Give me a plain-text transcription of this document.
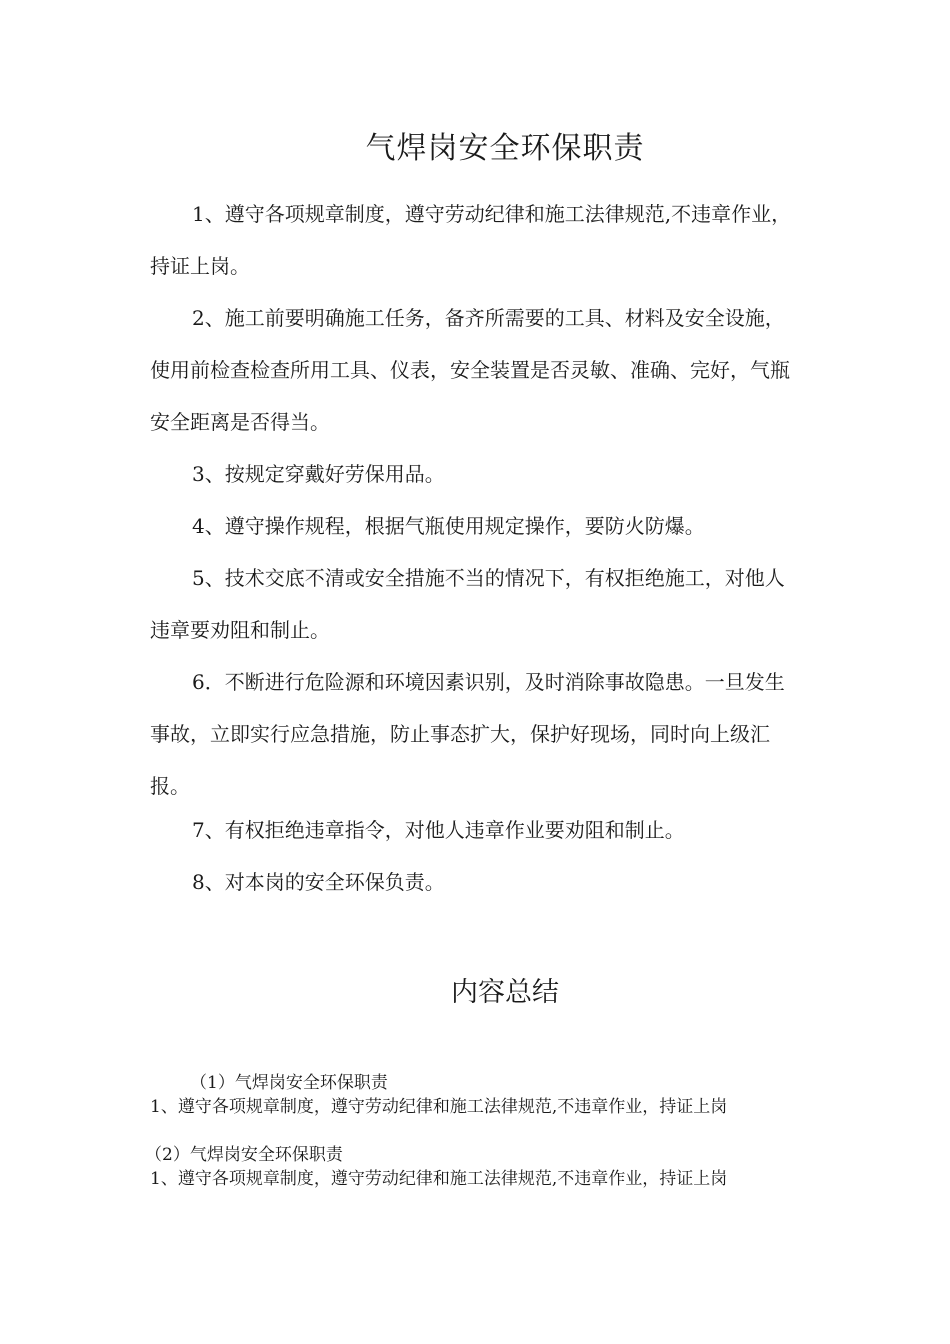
气焊岗安全环保职责

1、遵守各项规章制度，遵守劳动纪律和施工法律规范,不违章作业，持证上岗。

2、施工前要明确施工任务，备齐所需要的工具、材料及安全设施，使用前检查检查所用工具、仪表，安全装置是否灵敏、准确、完好，气瓶安全距离是否得当。

3、按规定穿戴好劳保用品。

4、遵守操作规程，根据气瓶使用规定操作，要防火防爆。

5、技术交底不清或安全措施不当的情况下，有权拒绝施工，对他人违章要劝阻和制止。

6．不断进行危险源和环境因素识别，及时消除事故隐患。一旦发生事故，立即实行应急措施，防止事态扩大，保护好现场，同时向上级汇报。

7、有权拒绝违章指令，对他人违章作业要劝阻和制止。

8、对本岗的安全环保负责。

内容总结

（1）气焊岗安全环保职责

1、遵守各项规章制度，遵守劳动纪律和施工法律规范,不违章作业，持证上岗

（2）气焊岗安全环保职责

1、遵守各项规章制度，遵守劳动纪律和施工法律规范,不违章作业，持证上岗
